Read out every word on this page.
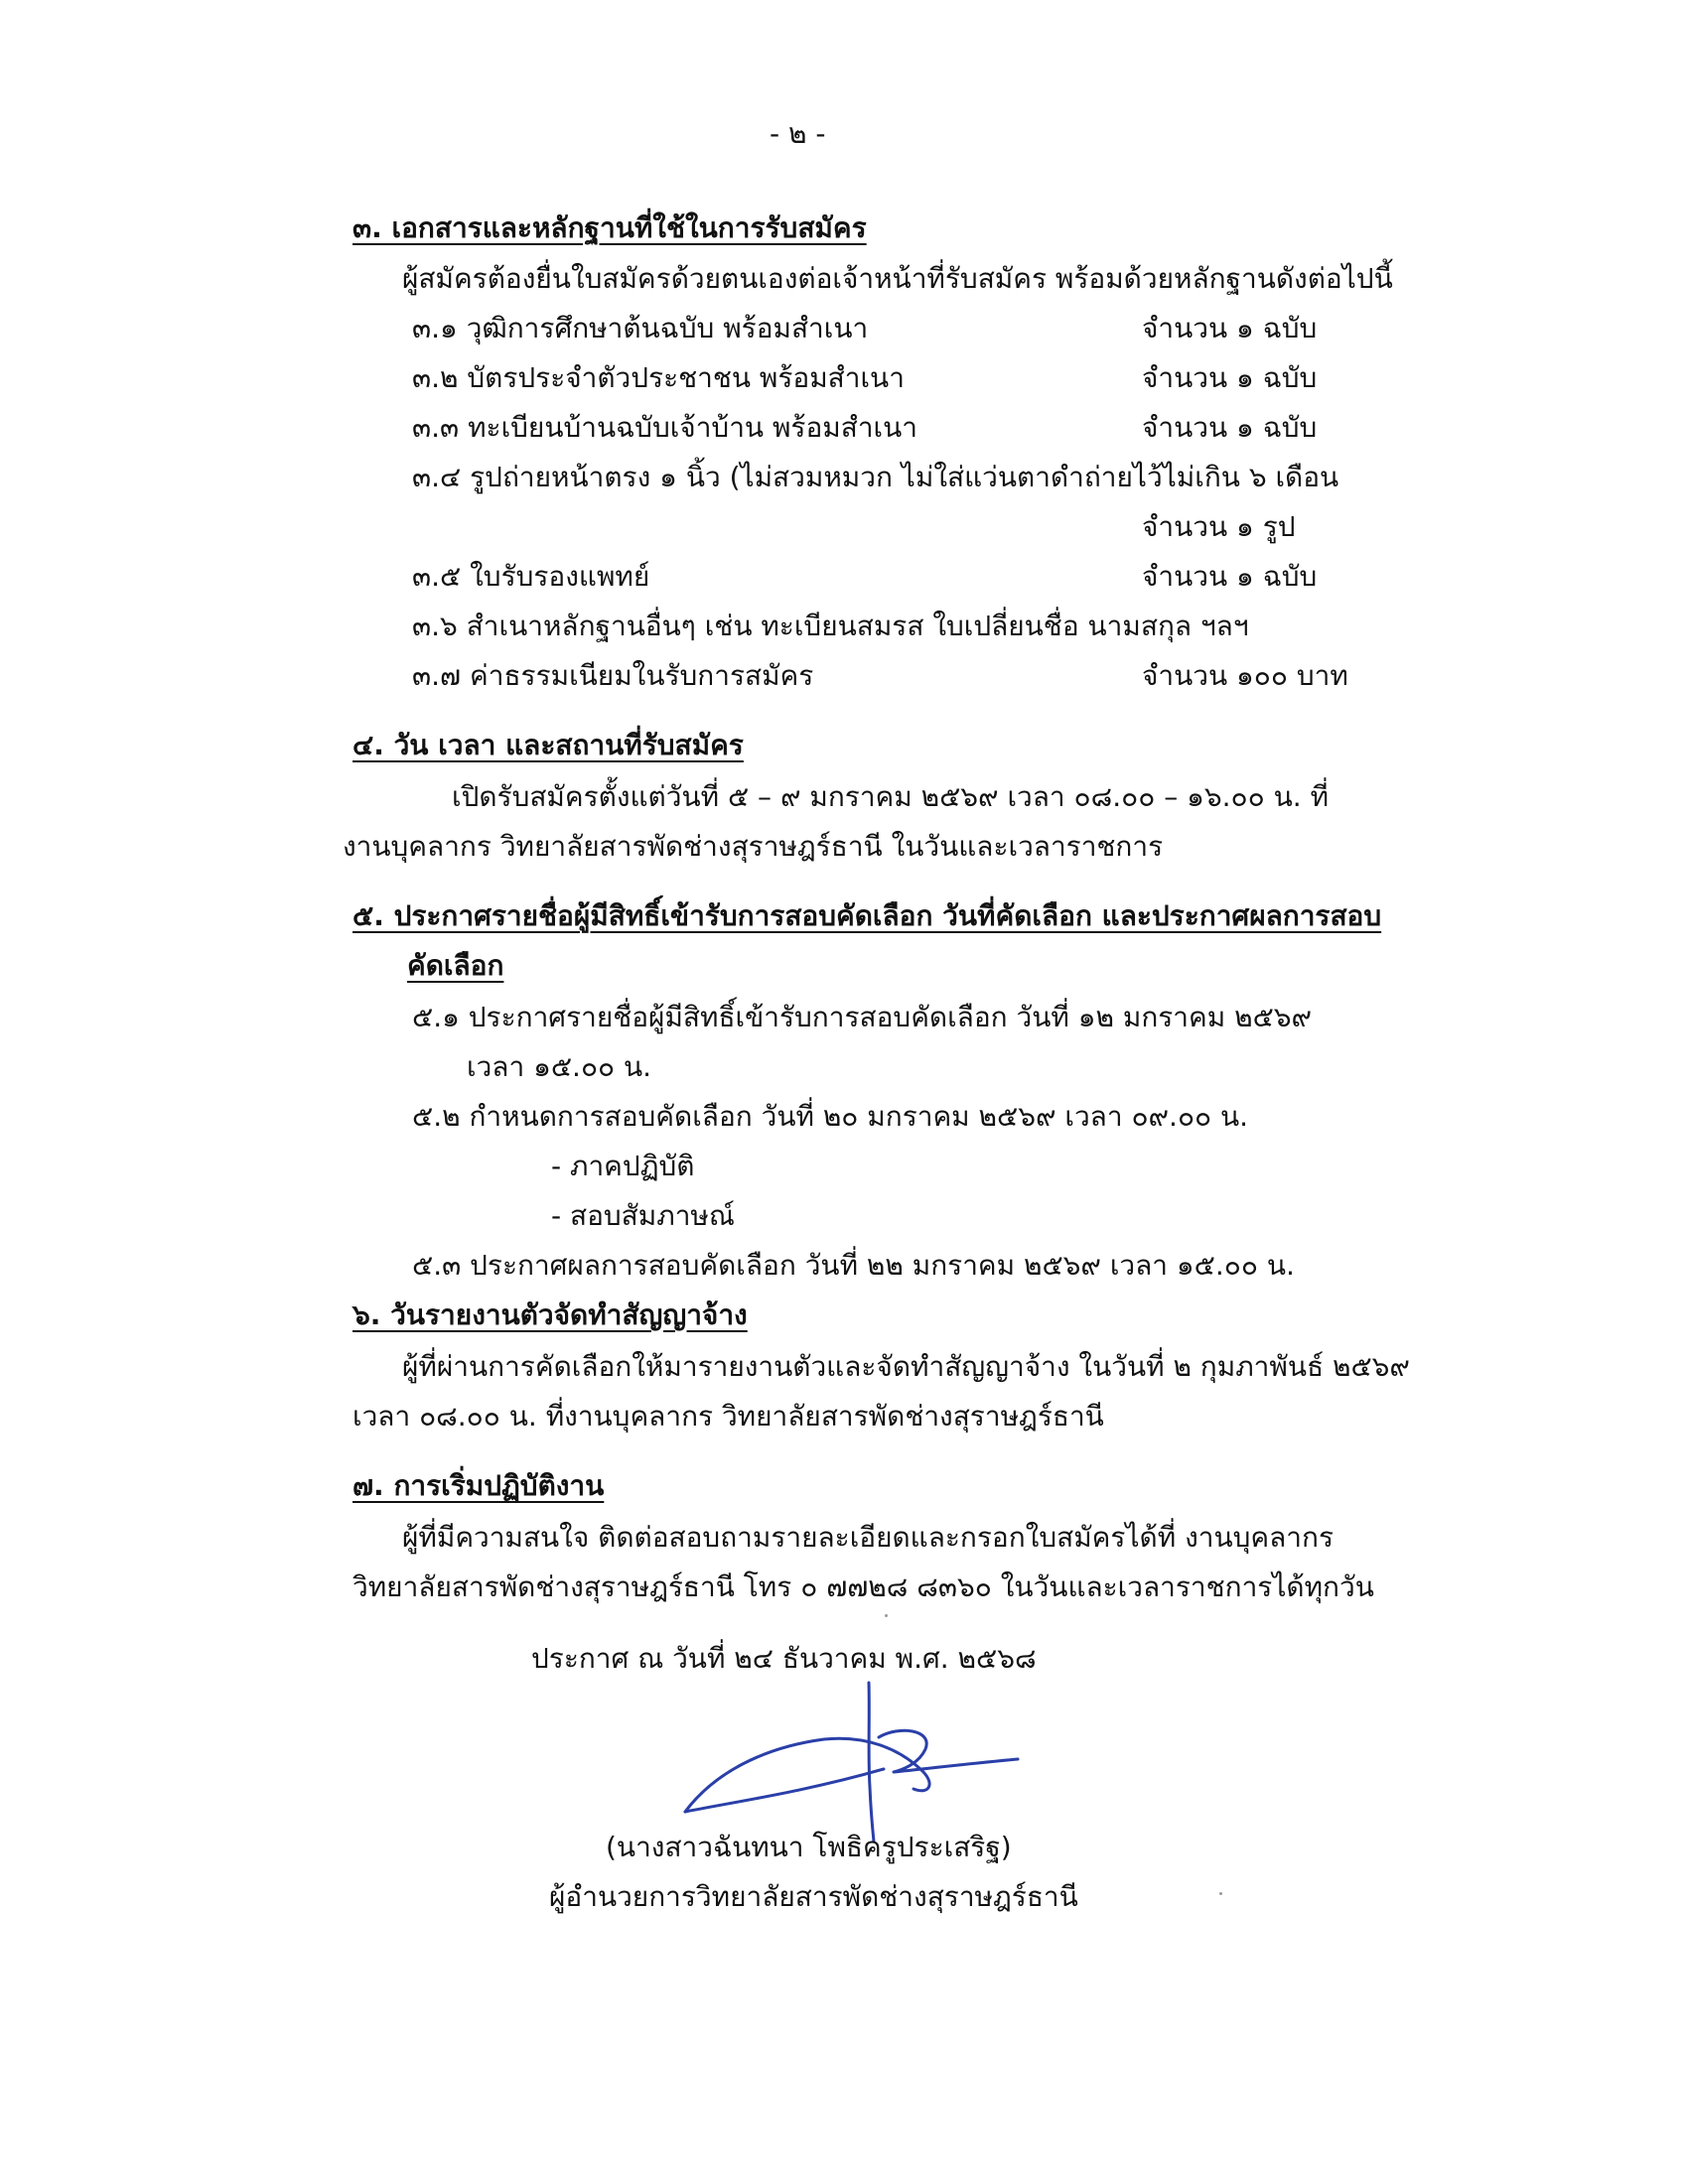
- ๒ -
๓. เอกสารและหลักฐานที่ใช้ในการรับสมัคร
ผู้สมัครต้องยื่นใบสมัครด้วยตนเองต่อเจ้าหน้าที่รับสมัคร พร้อมด้วยหลักฐานดังต่อไปนี้
๓.๑ วุฒิการศึกษาต้นฉบับ พร้อมสำเนา	จำนวน ๑ ฉบับ
๓.๒ บัตรประจำตัวประชาชน พร้อมสำเนา	จำนวน ๑ ฉบับ
๓.๓ ทะเบียนบ้านฉบับเจ้าบ้าน พร้อมสำเนา	จำนวน ๑ ฉบับ
๓.๔ รูปถ่ายหน้าตรง ๑ นิ้ว (ไม่สวมหมวก ไม่ใส่แว่นตาดำถ่ายไว้ไม่เกิน ๖ เดือน
จำนวน ๑ รูป
๓.๕ ใบรับรองแพทย์	จำนวน ๑ ฉบับ
๓.๖ สำเนาหลักฐานอื่นๆ เช่น ทะเบียนสมรส ใบเปลี่ยนชื่อ นามสกุล ฯลฯ
๓.๗ ค่าธรรมเนียมในรับการสมัคร	จำนวน ๑๐๐ บาท
๔. วัน เวลา และสถานที่รับสมัคร
เปิดรับสมัครตั้งแต่วันที่ ๕ – ๙ มกราคม ๒๕๖๙ เวลา ๐๘.๐๐ – ๑๖.๐๐ น. ที่
งานบุคลากร วิทยาลัยสารพัดช่างสุราษฎร์ธานี ในวันและเวลาราชการ
๕. ประกาศรายชื่อผู้มีสิทธิ์เข้ารับการสอบคัดเลือก วันที่คัดเลือก และประกาศผลการสอบ
คัดเลือก
๕.๑ ประกาศรายชื่อผู้มีสิทธิ์เข้ารับการสอบคัดเลือก วันที่ ๑๒ มกราคม ๒๕๖๙
เวลา ๑๕.๐๐ น.
๕.๒ กำหนดการสอบคัดเลือก วันที่ ๒๐ มกราคม ๒๕๖๙ เวลา ๐๙.๐๐ น.
- ภาคปฏิบัติ
- สอบสัมภาษณ์
๕.๓ ประกาศผลการสอบคัดเลือก วันที่ ๒๒ มกราคม ๒๕๖๙ เวลา ๑๕.๐๐ น.
๖. วันรายงานตัวจัดทำสัญญาจ้าง
ผู้ที่ผ่านการคัดเลือกให้มารายงานตัวและจัดทำสัญญาจ้าง ในวันที่ ๒ กุมภาพันธ์ ๒๕๖๙
เวลา ๐๘.๐๐ น. ที่งานบุคลากร วิทยาลัยสารพัดช่างสุราษฎร์ธานี
๗. การเริ่มปฏิบัติงาน
ผู้ที่มีความสนใจ ติดต่อสอบถามรายละเอียดและกรอกใบสมัครได้ที่ งานบุคลากร
วิทยาลัยสารพัดช่างสุราษฎร์ธานี โทร ๐ ๗๗๒๘ ๘๓๖๐ ในวันและเวลาราชการได้ทุกวัน
ประกาศ ณ วันที่ ๒๔ ธันวาคม พ.ศ. ๒๕๖๘
(นางสาวฉันทนา โพธิครูประเสริฐ)
ผู้อำนวยการวิทยาลัยสารพัดช่างสุราษฎร์ธานี
